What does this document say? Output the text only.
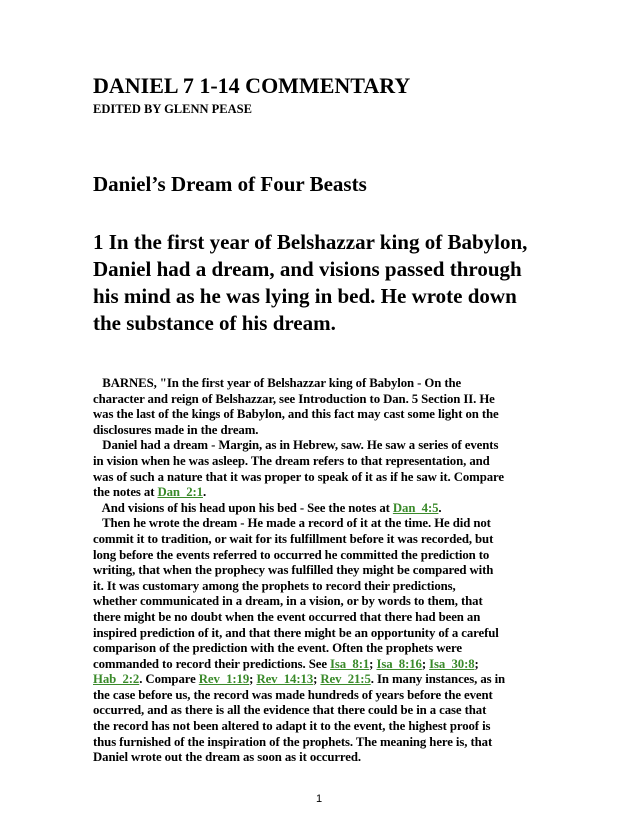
DANIEL 7 1-14 COMMENTARY
EDITED BY GLENN PEASE
Daniel’s Dream of Four Beasts
1 In the first year of Belshazzar king of Babylon,
Daniel had a dream, and visions passed through
his mind as he was lying in bed. He wrote down
the substance of his dream.
BARNES, "In the first year of Belshazzar king of Babylon - On the
character and reign of Belshazzar, see Introduction to Dan. 5 Section II. He
was the last of the kings of Babylon, and this fact may cast some light on the
disclosures made in the dream.
Daniel had a dream - Margin, as in Hebrew, saw. He saw a series of events
in vision when he was asleep. The dream refers to that representation, and
was of such a nature that it was proper to speak of it as if he saw it. Compare
the notes at Dan_2:1.
And visions of his head upon his bed - See the notes at Dan_4:5.
Then he wrote the dream - He made a record of it at the time. He did not
commit it to tradition, or wait for its fulfillment before it was recorded, but
long before the events referred to occurred he committed the prediction to
writing, that when the prophecy was fulfilled they might be compared with
it. It was customary among the prophets to record their predictions,
whether communicated in a dream, in a vision, or by words to them, that
there might be no doubt when the event occurred that there had been an
inspired prediction of it, and that there might be an opportunity of a careful
comparison of the prediction with the event. Often the prophets were
commanded to record their predictions. See Isa_8:1; Isa_8:16; Isa_30:8;
Hab_2:2. Compare Rev_1:19; Rev_14:13; Rev_21:5. In many instances, as in
the case before us, the record was made hundreds of years before the event
occurred, and as there is all the evidence that there could be in a case that
the record has not been altered to adapt it to the event, the highest proof is
thus furnished of the inspiration of the prophets. The meaning here is, that
Daniel wrote out the dream as soon as it occurred.
1
